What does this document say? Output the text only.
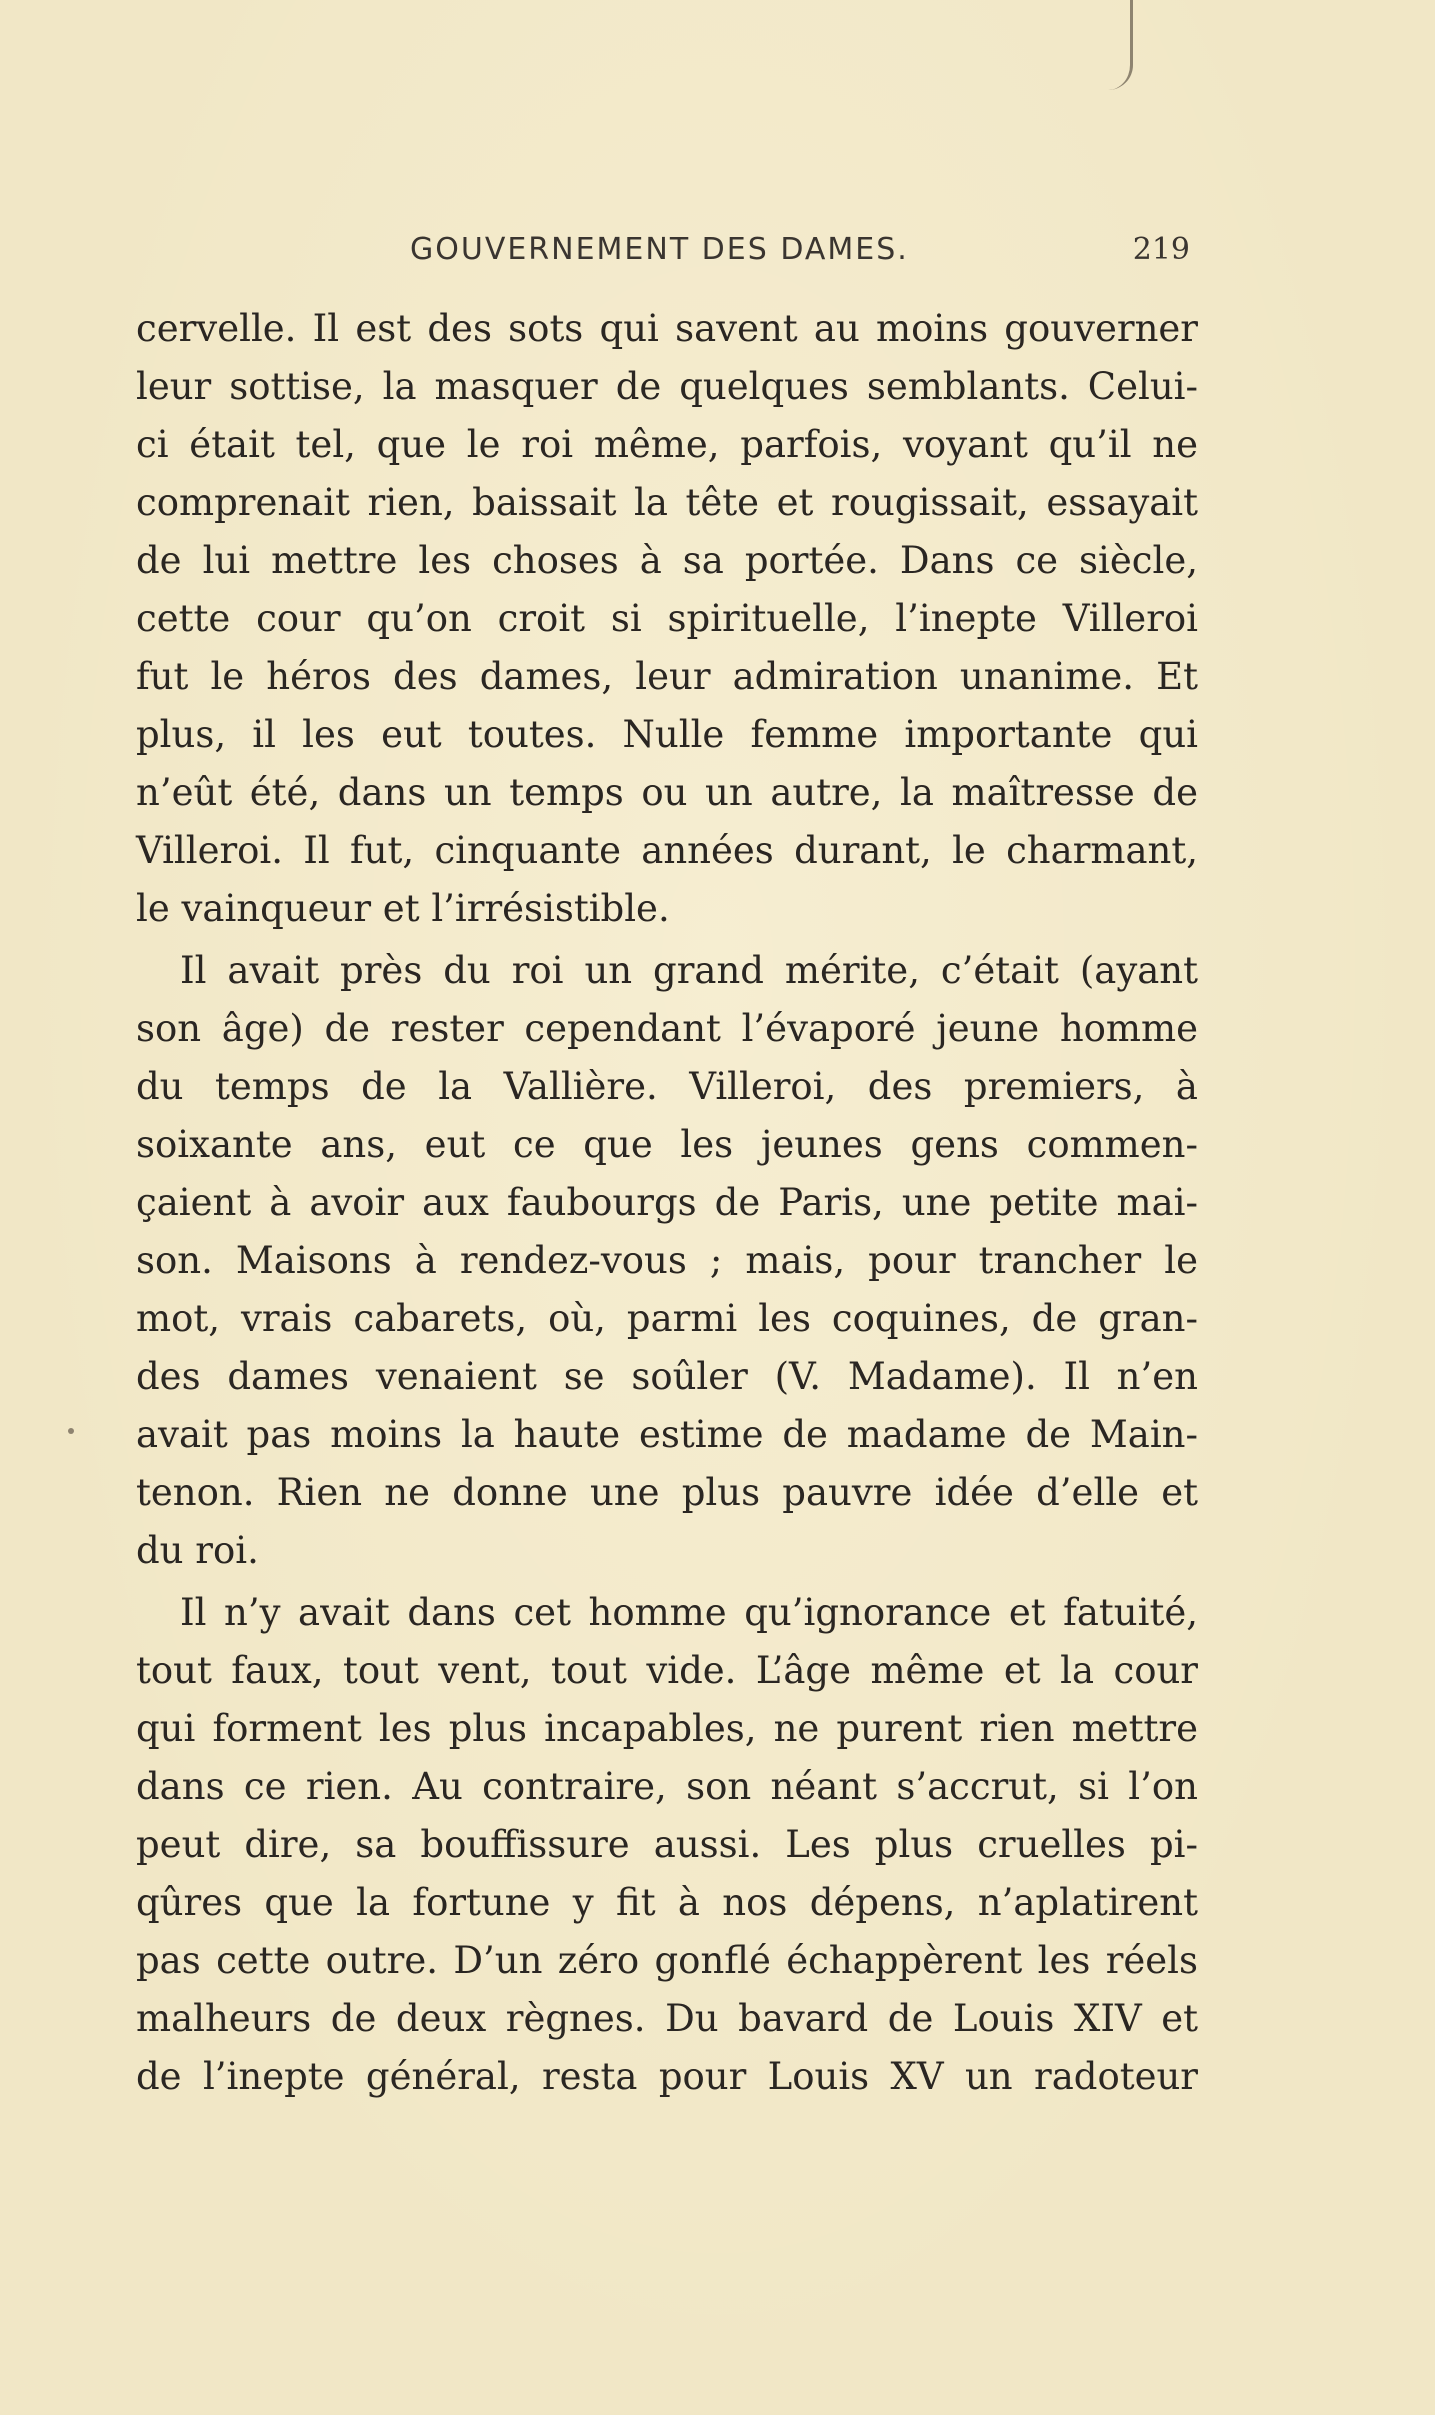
GOUVERNEMENT DES DAMES.	219
cervelle. Il est des sots qui savent au moins gouverner
leur sottise, la masquer de quelques semblants. Celui-
ci était tel, que le roi même, parfois, voyant qu’il ne
comprenait rien, baissait la tête et rougissait, essayait
de lui mettre les choses à sa portée. Dans ce siècle,
cette cour qu’on croit si spirituelle, l’inepte Villeroi
fut le héros des dames, leur admiration unanime. Et
plus, il les eut toutes. Nulle femme importante qui
n’eût été, dans un temps ou un autre, la maîtresse de
Villeroi. Il fut, cinquante années durant, le charmant,
le vainqueur et l’irrésistible.
Il avait près du roi un grand mérite, c’était (ayant
son âge) de rester cependant l’évaporé jeune homme
du temps de la Vallière. Villeroi, des premiers, à
soixante ans, eut ce que les jeunes gens commen-
çaient à avoir aux faubourgs de Paris, une petite mai-
son. Maisons à rendez-vous ; mais, pour trancher le
mot, vrais cabarets, où, parmi les coquines, de gran-
des dames venaient se soûler (V. Madame). Il n’en
avait pas moins la haute estime de madame de Main-
tenon. Rien ne donne une plus pauvre idée d’elle et
du roi.
Il n’y avait dans cet homme qu’ignorance et fatuité,
tout faux, tout vent, tout vide. L’âge même et la cour
qui forment les plus incapables, ne purent rien mettre
dans ce rien. Au contraire, son néant s’accrut, si l’on
peut dire, sa bouffissure aussi. Les plus cruelles pi-
qûres que la fortune y fit à nos dépens, n’aplatirent
pas cette outre. D’un zéro gonflé échappèrent les réels
malheurs de deux règnes. Du bavard de Louis XIV et
de l’inepte général, resta pour Louis XV un radoteur
